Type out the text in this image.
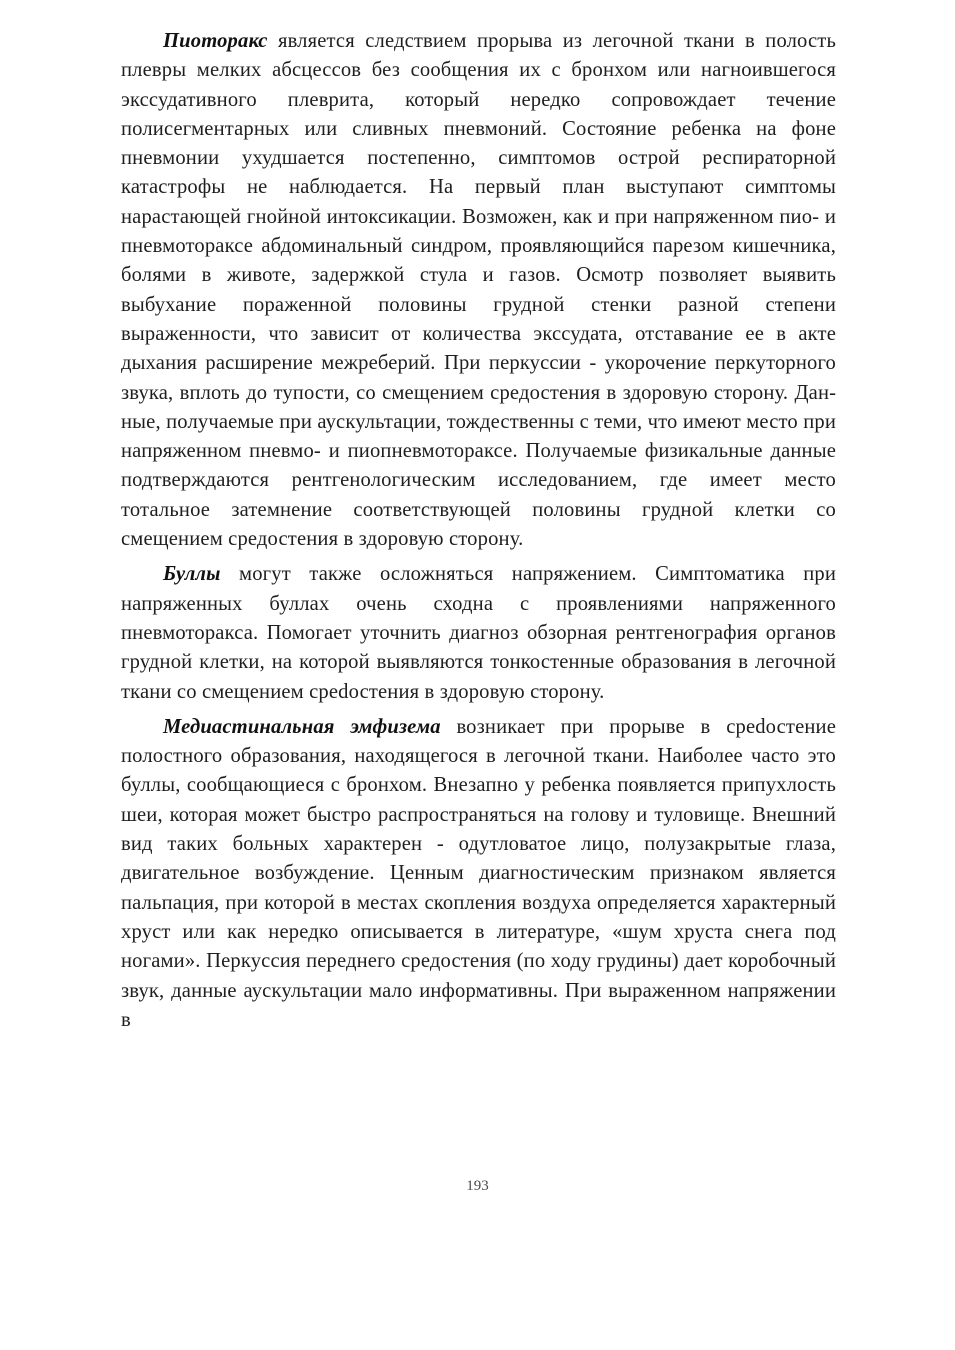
Пиоторакс является следствием прорыва из легочной ткани в полость плевры мелких абсцессов без сообщения их с бронхом или нагноившегося экссудативного плеврита, который нередко сопровождает течение полисегментарных или сливных пневмоний. Состояние ребенка на фоне пневмонии ухудшается постепенно, симптомов острой респираторной катастрофы не наблюдается. На первый план выступают симптомы нарастающей гнойной интоксикации. Возможен, как и при напряженном пио- и пневмотораксе абдоминальный синдром, проявляющийся парезом кишечника, болями в животе, задержкой стула и газов. Осмотр позволяет выявить выбухание пораженной половины грудной стенки разной степени выраженности, что зависит от количества экссудата, отставание ее в акте дыхания расширение межреберий. При перкуссии - укорочение перкуторного звука, вплоть до тупости, со смещением средостения в здоровую сторону. Данные, получаемые при аускультации, тождественны с теми, что имеют место при напряженном пневмо- и пиопневмотораксе. Получаемые физикальные данные подтверждаются рентгенологическим исследованием, где имеет место тотальное затемнение соответствующей половины грудной клетки со смещением средостения в здоровую сторону.

Буллы могут также осложняться напряжением. Симптоматика при напряженных буллах очень сходна с проявлениями напряженного пневмоторакса. Помогает уточнить диагноз обзорная рентгенография органов грудной клетки, на которой выявляются тонкостенные образования в легочной ткани со смещением среdостения в здоровую сторону.

Медиастинальная эмфизема возникает при прорыве в среdостение полостного образования, находящегося в легочной ткани. Наиболее часто это буллы, сообщающиеся с бронхом. Внезапно у ребенка появляется припухлость шеи, которая может быстро распространяться на голову и туловище. Внешний вид таких больных характерен - одутловатое лицо, полузакрытые глаза, двигательное возбуждение. Ценным диагностическим признаком является пальпация, при которой в местах скопления воздуха определяется характерный хруст или как нередко описывается в литературе, «шум хруста снега под ногами». Перкуссия переднего средостения (по ходу грудины) дает коробочный звук, данные аускультации мало информативны. При выраженном напряжении в

193
